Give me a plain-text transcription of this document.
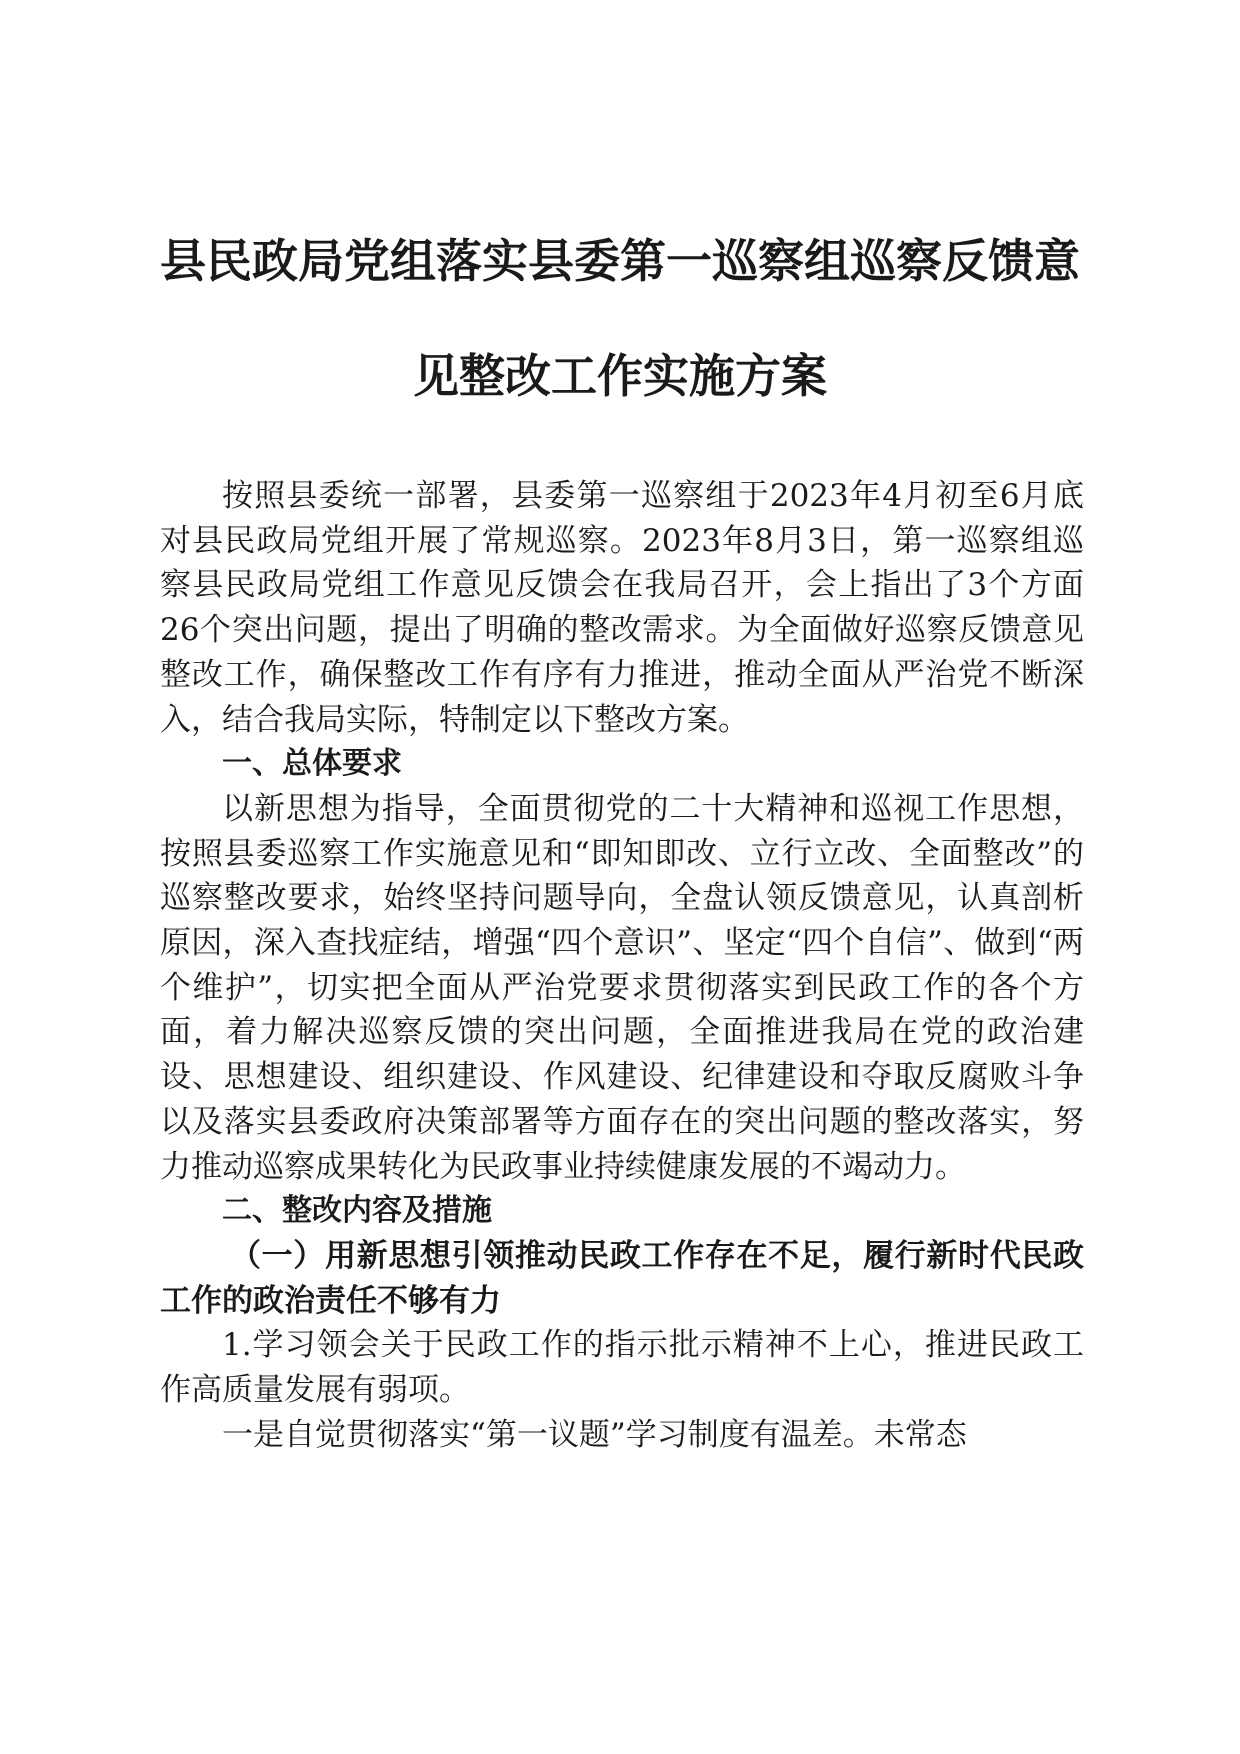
县民政局党组落实县委第一巡察组巡察反馈意
见整改工作实施方案

按照县委统一部署，县委第一巡察组于2023年4月初至6月底对县民政局党组开展了常规巡察。2023年8月3日，第一巡察组巡察县民政局党组工作意见反馈会在我局召开，会上指出了3个方面26个突出问题，提出了明确的整改需求。为全面做好巡察反馈意见整改工作，确保整改工作有序有力推进，推动全面从严治党不断深入，结合我局实际，特制定以下整改方案。

一、总体要求

以新思想为指导，全面贯彻党的二十大精神和巡视工作思想，按照县委巡察工作实施意见和“即知即改、立行立改、全面整改”的巡察整改要求，始终坚持问题导向，全盘认领反馈意见，认真剖析原因，深入查找症结，增强“四个意识”、坚定“四个自信”、做到“两个维护”，切实把全面从严治党要求贯彻落实到民政工作的各个方面，着力解决巡察反馈的突出问题，全面推进我局在党的政治建设、思想建设、组织建设、作风建设、纪律建设和夺取反腐败斗争以及落实县委政府决策部署等方面存在的突出问题的整改落实，努力推动巡察成果转化为民政事业持续健康发展的不竭动力。

二、整改内容及措施

（一）用新思想引领推动民政工作存在不足，履行新时代民政工作的政治责任不够有力

1.学习领会关于民政工作的指示批示精神不上心，推进民政工作高质量发展有弱项。

一是自觉贯彻落实“第一议题”学习制度有温差。未常态
